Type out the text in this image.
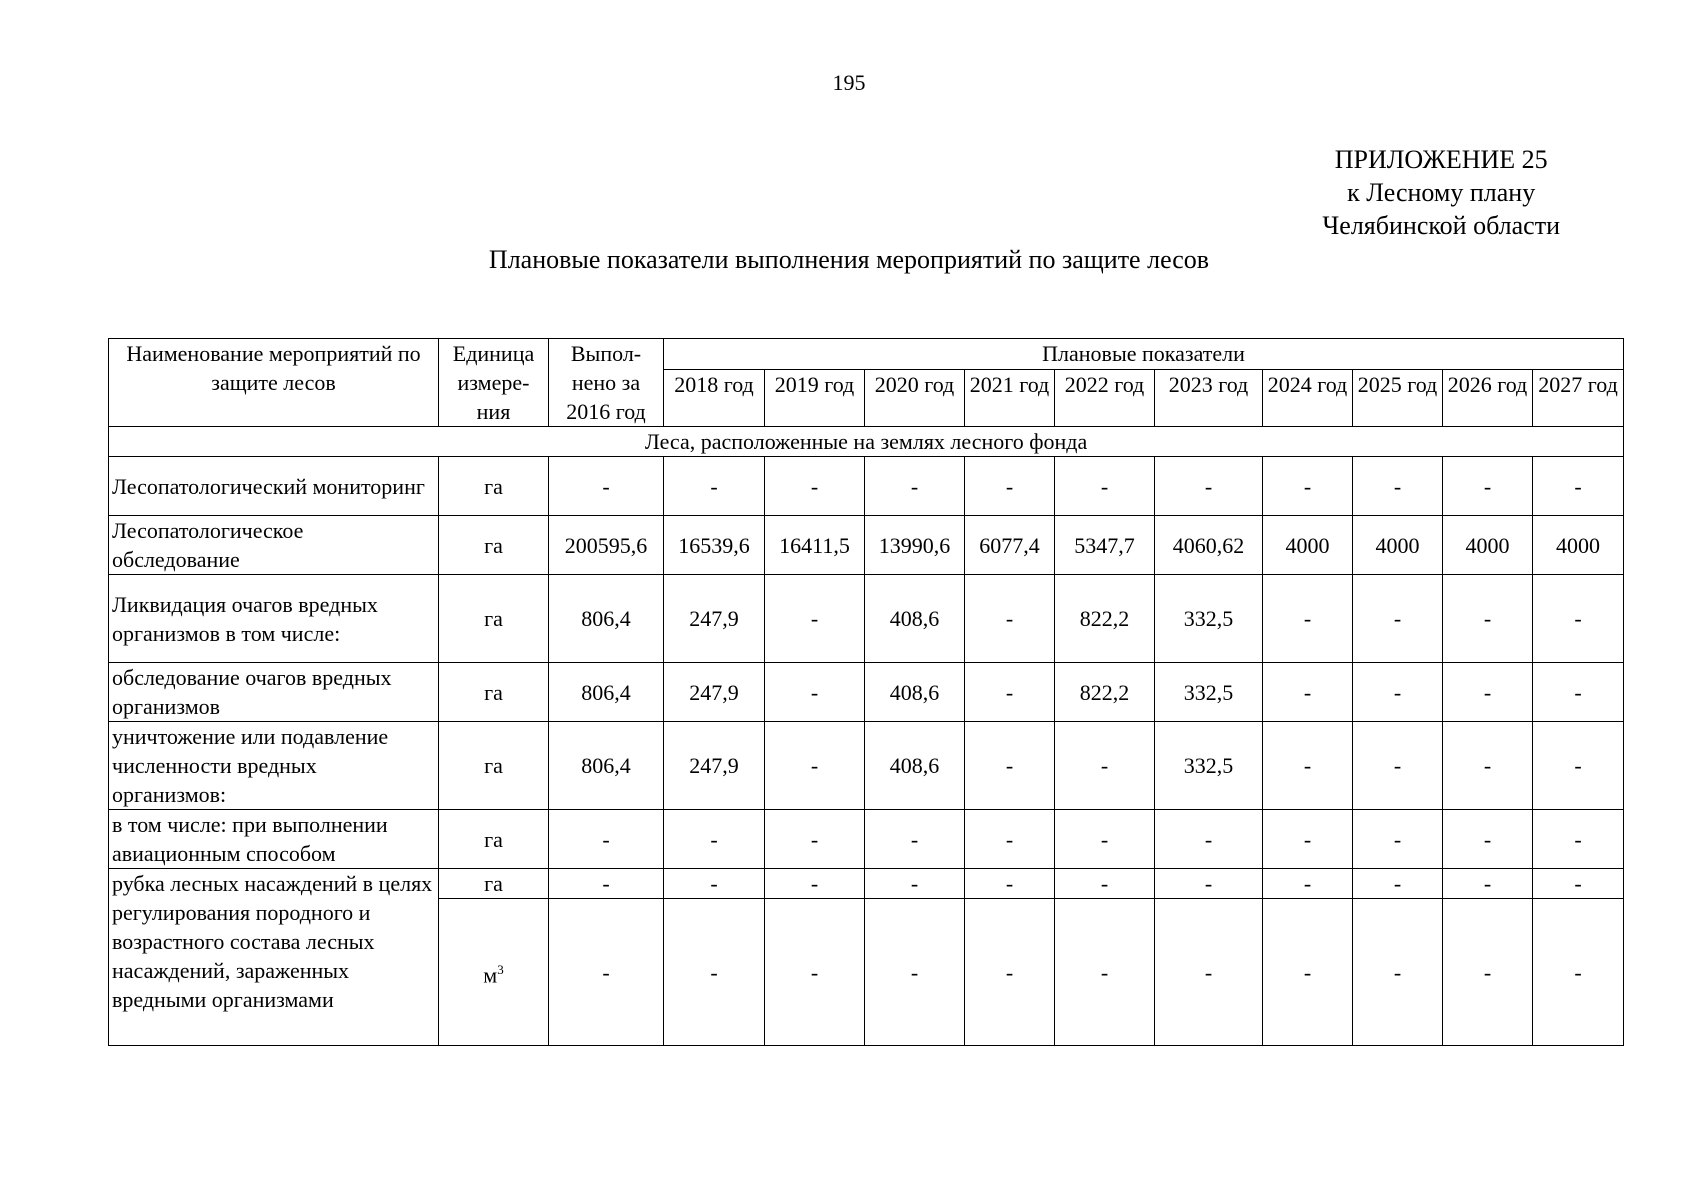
195
ПРИЛОЖЕНИЕ 25
к Лесному плану
Челябинской области
Плановые показатели выполнения мероприятий по защите лесов
Наименование мероприятий по защите лесов	Единица измере-ния	Выпол-нено за 2016 год	Плановые показатели									
			2018 год	2019 год	2020 год	2021 год	2022 год	2023 год	2024 год	2025 год	2026 год	2027 год
Леса, расположенные на землях лесного фонда												
Лесопатологический мониторинг	га	-	-	-	-	-	-	-	-	-	-	-
Лесопатологическое обследование	га	200595,6	16539,6	16411,5	13990,6	6077,4	5347,7	4060,62	4000	4000	4000	4000
Ликвидация очагов вредных организмов в том числе:	га	806,4	247,9	-	408,6	-	822,2	332,5	-	-	-	-
обследование очагов вредных организмов	га	806,4	247,9	-	408,6	-	822,2	332,5	-	-	-	-
уничтожение или подавление численности вредных организмов:	га	806,4	247,9	-	408,6	-	-	332,5	-	-	-	-
в том числе: при выполнении авиационным способом	га	-	-	-	-	-	-	-	-	-	-	-
рубка лесных насаждений в целях регулирования породного и возрастного состава лесных насаждений, зараженных вредными организмами	га	-	-	-	-	-	-	-	-	-	-	-
	$м^3$	-	-	-	-	-	-	-	-	-	-	-
